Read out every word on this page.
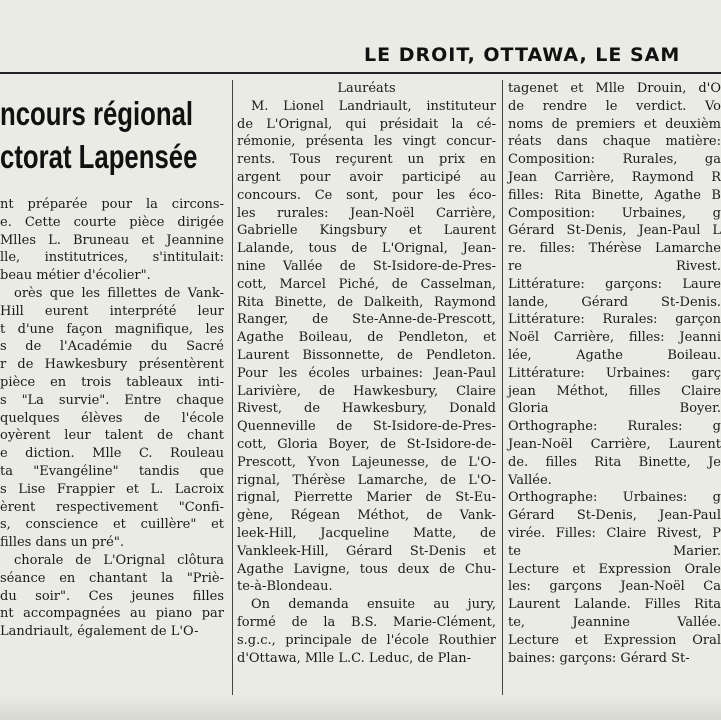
LE DROIT, OTTAWA, LE SAM
ncours régional
ctorat Lapensée
nt préparée pour la circons-
e. Cette courte pièce dirigée
Mlles L. Bruneau et Jeannine
lle, institutrices, s'intitulait:
beau métier d'écolier".
orès que les fillettes de Vank-
Hill eurent interprété leur
t d'une façon magnifique, les
s de l'Académie du Sacré
r de Hawkesbury présentèrent
pièce en trois tableaux inti-
s "La survie". Entre chaque
quelques élèves de l'école
oyèrent leur talent de chant
e diction. Mlle C. Rouleau
ta "Evangéline" tandis que
s Lise Frappier et L. Lacroix
èrent respectivement "Confi-
s, conscience et cuillère" et
filles dans un pré".
chorale de L'Orignal clôtura
séance en chantant la "Priè-
du soir". Ces jeunes filles
nt accompagnées au piano par
Landriault, également de L'O-
Lauréats
M. Lionel Landriault, instituteur
de L'Orignal, qui présidait la cé-
rémonie, présenta les vingt concur-
rents. Tous reçurent un prix en
argent pour avoir participé au
concours. Ce sont, pour les éco-
les rurales: Jean-Noël Carrière,
Gabrielle Kingsbury et Laurent
Lalande, tous de L'Orignal, Jean-
nine Vallée de St-Isidore-de-Pres-
cott, Marcel Piché, de Casselman,
Rita Binette, de Dalkeith, Raymond
Ranger, de Ste-Anne-de-Prescott,
Agathe Boileau, de Pendleton, et
Laurent Bissonnette, de Pendleton.
Pour les écoles urbaines: Jean-Paul
Larivière, de Hawkesbury, Claire
Rivest, de Hawkesbury, Donald
Quenneville de St-Isidore-de-Pres-
cott, Gloria Boyer, de St-Isidore-de-
Prescott, Yvon Lajeunesse, de L'O-
rignal, Thérèse Lamarche, de L'O-
rignal, Pierrette Marier de St-Eu-
gène, Régean Méthot, de Vank-
leek-Hill, Jacqueline Matte, de
Vankleek-Hill, Gérard St-Denis et
Agathe Lavigne, tous deux de Chu-
te-à-Blondeau.
On demanda ensuite au jury,
formé de la B.S. Marie-Clément,
s.g.c., principale de l'école Routhier
d'Ottawa, Mlle L.C. Leduc, de Plan-
tagenet et Mlle Drouin, d'O
de rendre le verdict. Vo
noms de premiers et deuxièm
réats dans chaque matière:
Composition: Rurales, ga
Jean Carrière, Raymond R
filles: Rita Binette, Agathe B
Composition: Urbaines, g
Gérard St-Denis, Jean-Paul L
re. filles: Thérèse Lamarche
re Rivest.
Littérature: garçons: Laure
lande, Gérard St-Denis.
Littérature: Rurales: garçon
Noël Carrière, filles: Jeanni
lée, Agathe Boileau.
Littérature: Urbaines: garç
jean Méthot, filles Claire
Gloria Boyer.
Orthographe: Rurales: g
Jean-Noël Carrière, Laurent
de. filles Rita Binette, Je
Vallée.
Orthographe: Urbaines: g
Gérard St-Denis, Jean-Paul
virée. Filles: Claire Rivest, P
te Marier.
Lecture et Expression Orale
les: garçons Jean-Noël Ca
Laurent Lalande. Filles Rita
te, Jeannine Vallée.
Lecture et Expression Oral
baines: garçons: Gérard St-
